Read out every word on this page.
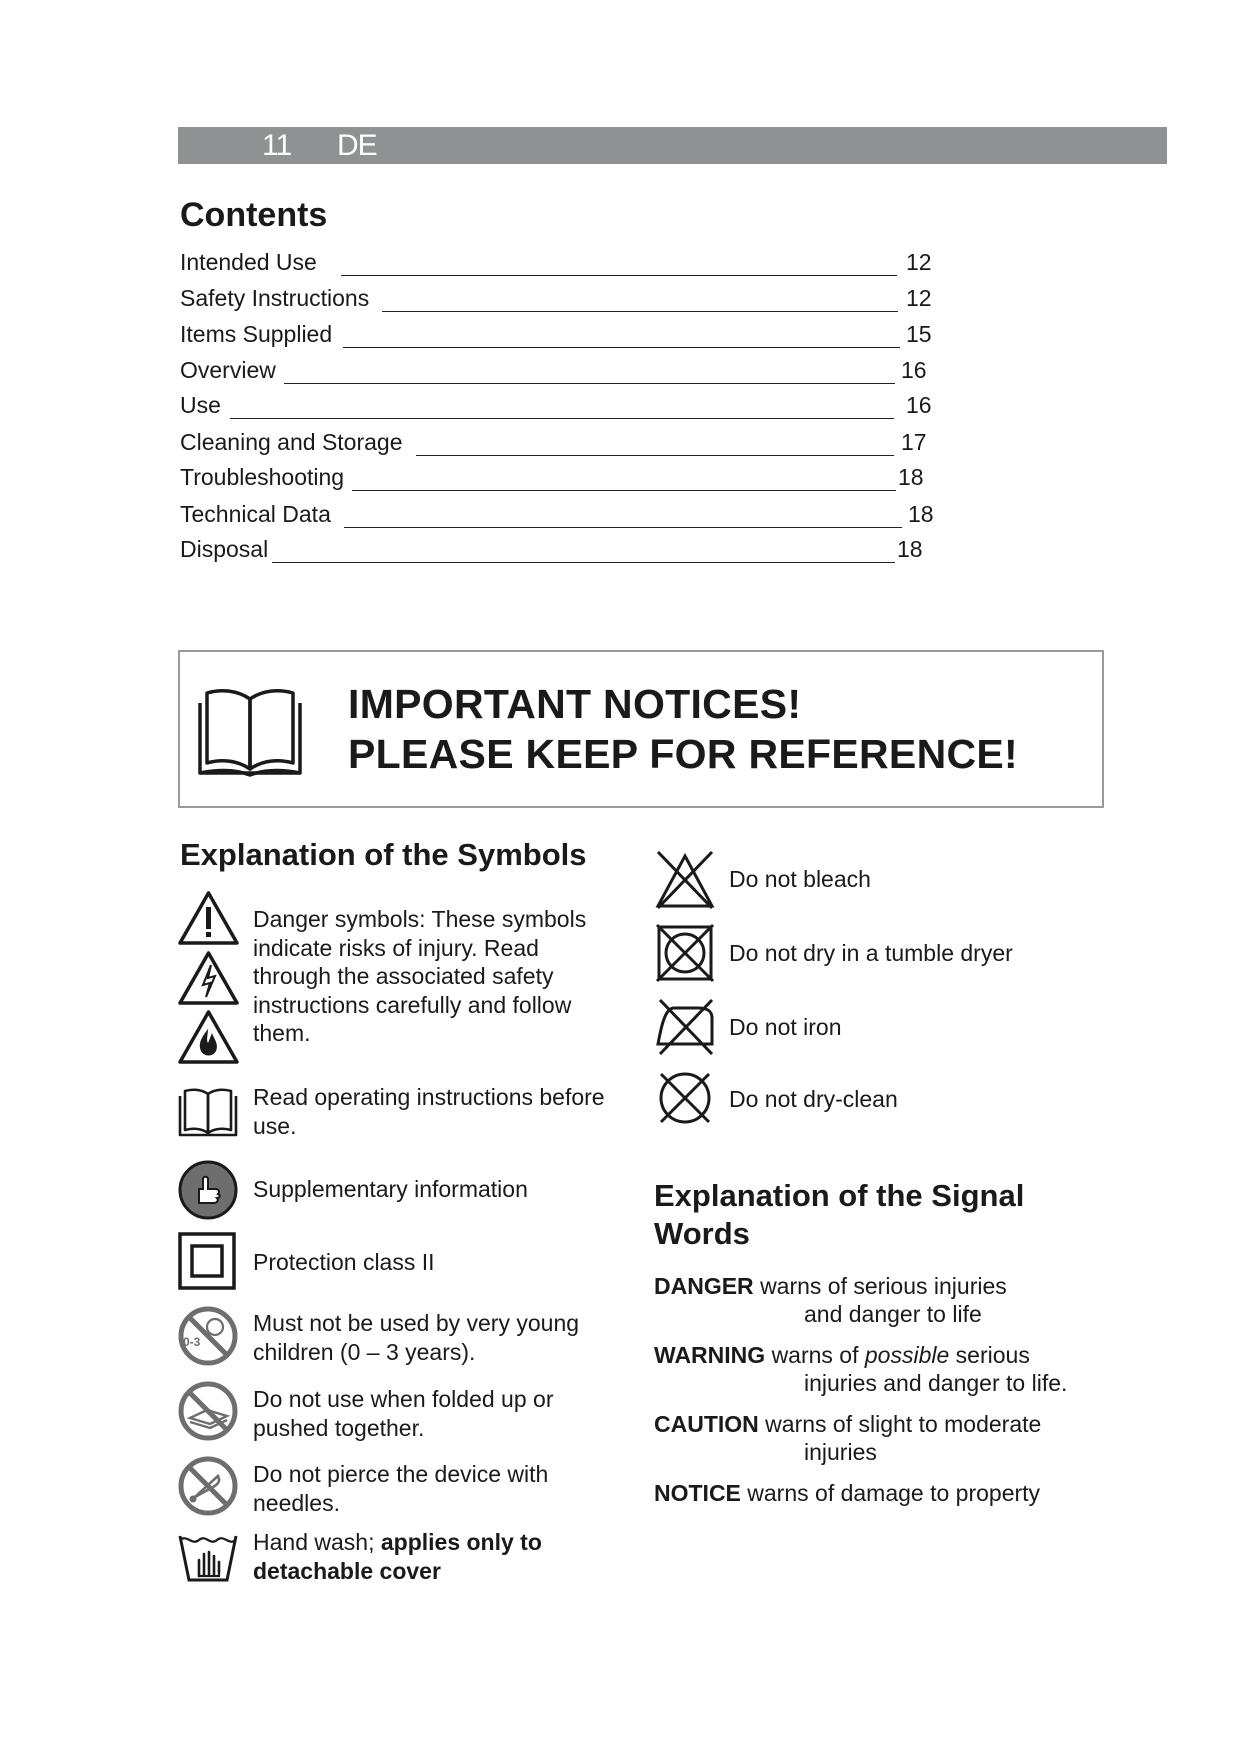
11 DE
Contents
Intended Use	12
Safety Instructions	12
Items Supplied	15
Overview	16
Use	16
Cleaning and Storage	17
Troubleshooting	18
Technical Data	18
Disposal	18
IMPORTANT NOTICES!
PLEASE KEEP FOR REFERENCE!
Explanation of the Symbols
Danger symbols: These symbols indicate risks of injury. Read through the associated safety instructions carefully and follow them.
Read operating instructions before use.
Supplementary information
Protection class II
0-3
Must not be used by very young children (0 – 3 years).
Do not use when folded up or pushed together.
Do not pierce the device with needles.
Hand wash; applies only to detachable cover
Do not bleach
Do not dry in a tumble dryer
Do not iron
Do not dry-clean
Explanation of the Signal Words
DANGER warns of serious injuries
and danger to life
WARNING warns of possible serious
injuries and danger to life.
CAUTION warns of slight to moderate
injuries
NOTICE warns of damage to property
